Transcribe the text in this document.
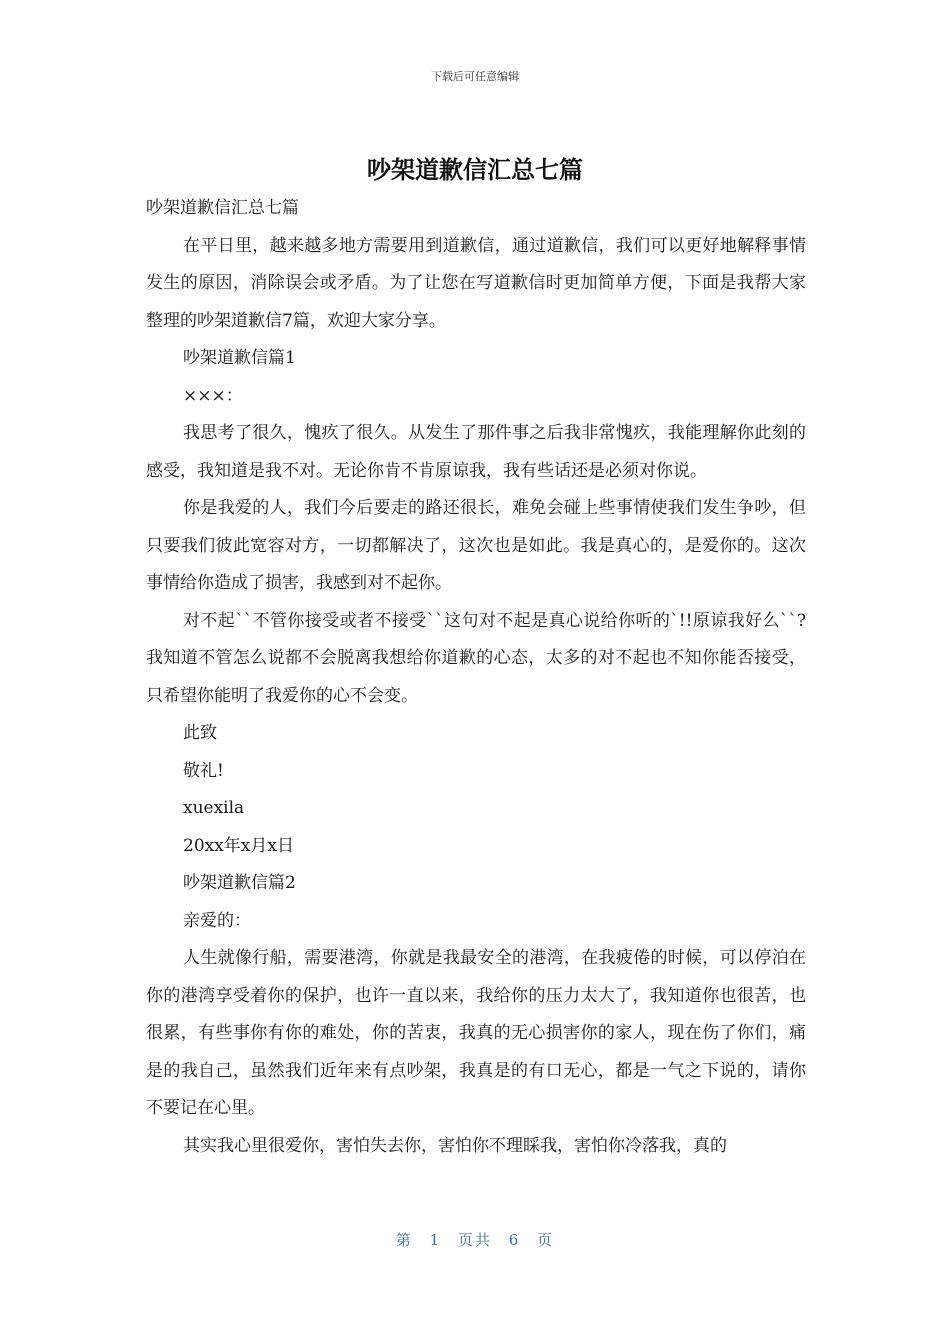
下载后可任意编辑
吵架道歉信汇总七篇

吵架道歉信汇总七篇

在平日里，越来越多地方需要用到道歉信，通过道歉信，我们可以更好地解释事情发生的原因，消除误会或矛盾。为了让您在写道歉信时更加简单方便，下面是我帮大家整理的吵架道歉信7篇，欢迎大家分享。

吵架道歉信篇1

×××：

我思考了很久，愧疚了很久。从发生了那件事之后我非常愧疚，我能理解你此刻的感受，我知道是我不对。无论你肯不肯原谅我，我有些话还是必须对你说。

你是我爱的人，我们今后要走的路还很长，难免会碰上些事情使我们发生争吵，但只要我们彼此宽容对方，一切都解决了，这次也是如此。我是真心的，是爱你的。这次事情给你造成了损害，我感到对不起你。

对不起``不管你接受或者不接受``这句对不起是真心说给你听的`!!原谅我好么``?我知道不管怎么说都不会脱离我想给你道歉的心态，太多的对不起也不知你能否接受，只希望你能明了我爱你的心不会变。

此致

敬礼!

xuexila

20xx年x月x日

吵架道歉信篇2

亲爱的：

人生就像行船，需要港湾，你就是我最安全的港湾，在我疲倦的时候，可以停泊在你的港湾享受着你的保护，也许一直以来，我给你的压力太大了，我知道你也很苦，也很累，有些事你有你的难处，你的苦衷，我真的无心损害你的家人，现在伤了你们，痛是的我自己，虽然我们近年来有点吵架，我真是的有口无心，都是一气之下说的，请你不要记在心里。

其实我心里很爱你，害怕失去你，害怕你不理睬我，害怕你冷落我，真的

第 1 页共 6 页
